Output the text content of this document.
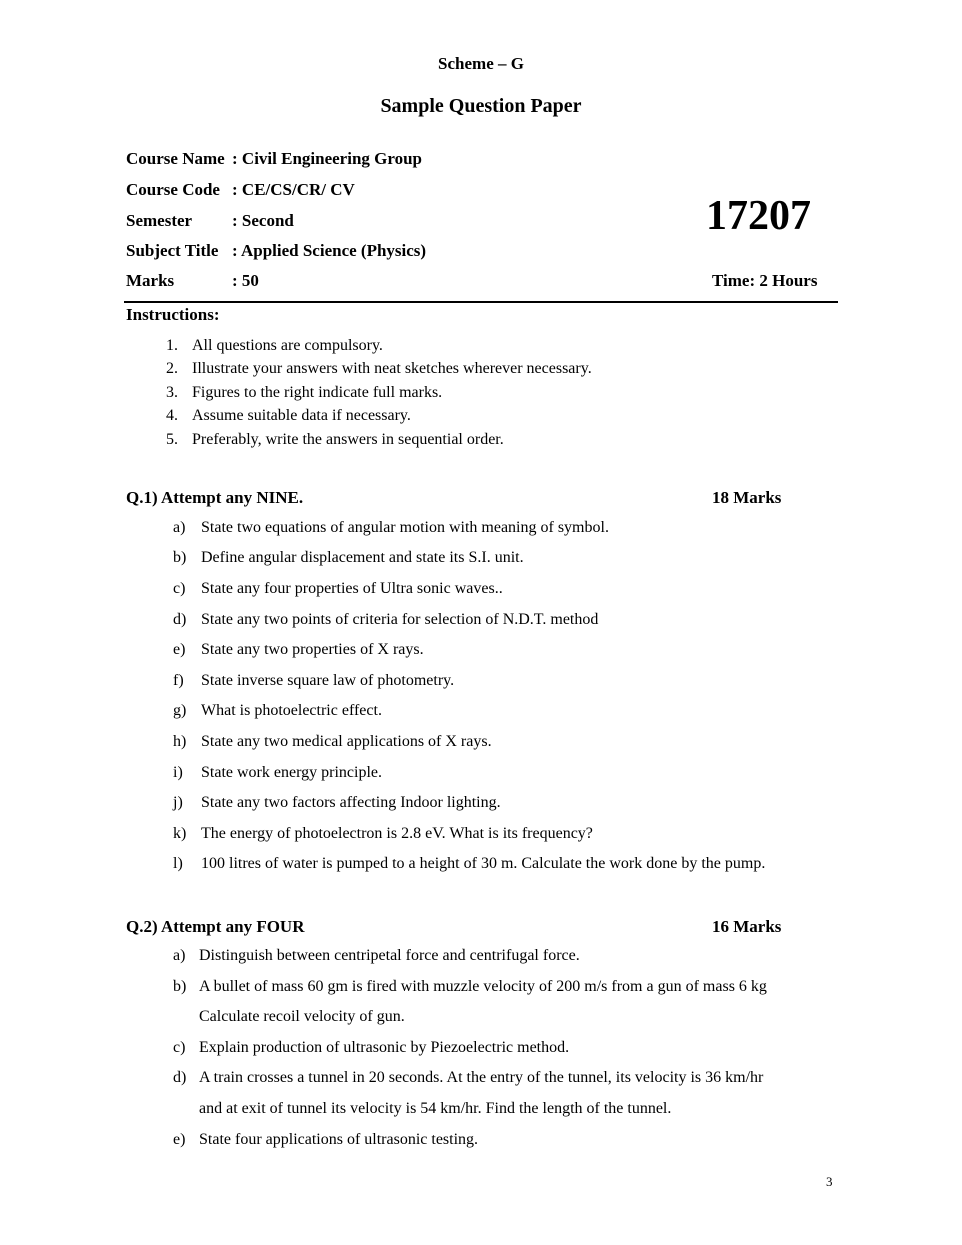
Scheme – G
Sample Question Paper
Course Name : Civil Engineering Group
Course Code : CE/CS/CR/ CV
Semester : Second
Subject Title : Applied Science (Physics)
Marks	: 50
17207
Time: 2 Hours
Instructions:
1. All questions are compulsory.
2. Illustrate your answers with neat sketches wherever necessary.
3. Figures to the right indicate full marks.
4. Assume suitable data if necessary.
5. Preferably, write the answers in sequential order.
Q.1) Attempt any NINE.	18 Marks
a) State two equations of angular motion with meaning of symbol.
b) Define angular displacement and state its S.I. unit.
c) State any four properties of Ultra sonic waves..
d) State any two points of criteria for selection of N.D.T. method
e) State any two properties of X rays.
f) State inverse square law of photometry.
g) What is photoelectric effect.
h) State any two medical applications of X rays.
i) State work energy principle.
j) State any two factors affecting Indoor lighting.
k) The energy of photoelectron is 2.8 eV. What is its frequency?
l) 100 litres of water is pumped to a height of 30 m. Calculate the work done by the pump.
Q.2) Attempt any FOUR	16 Marks
a) Distinguish between centripetal force and centrifugal force.
b) A bullet of mass 60 gm is fired with muzzle velocity of 200 m/s from a gun of mass 6 kg
Calculate recoil velocity of gun.
c) Explain production of ultrasonic by Piezoelectric method.
d) A train crosses a tunnel in 20 seconds. At the entry of the tunnel, its velocity is 36 km/hr
and at exit of tunnel its velocity is 54 km/hr. Find the length of the tunnel.
e) State four applications of ultrasonic testing.
3
